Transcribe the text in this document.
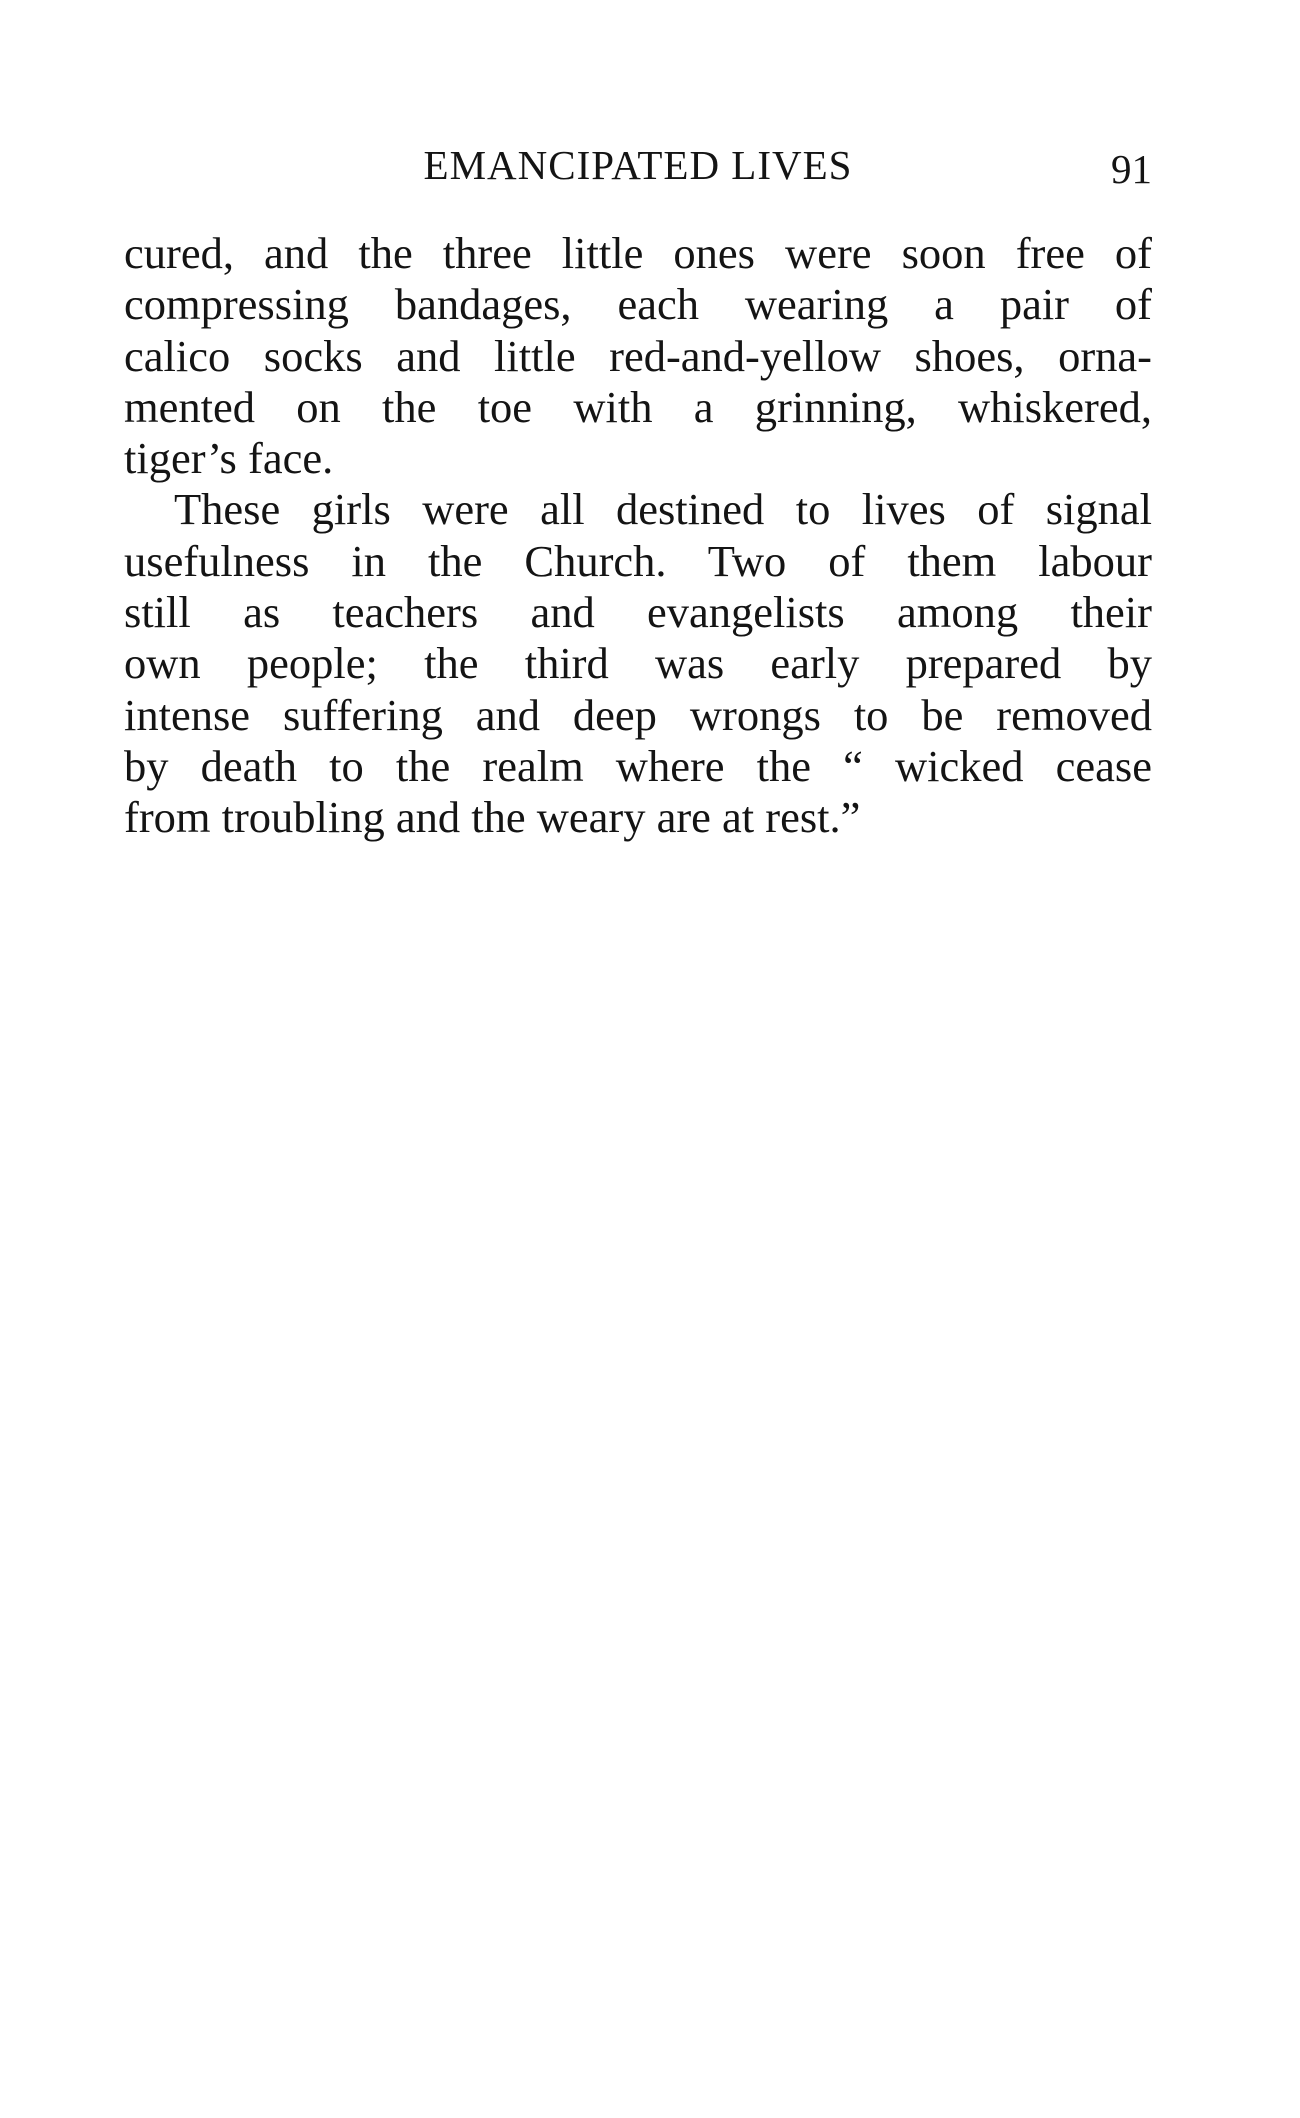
EMANCIPATED LIVES	91
cured, and the three little ones were soon free of
compressing bandages, each wearing a pair of
calico socks and little red-and-yellow shoes, orna-
mented on the toe with a grinning, whiskered,
tiger’s face.
These girls were all destined to lives of signal
usefulness in the Church. Two of them labour
still as teachers and evangelists among their
own people; the third was early prepared by
intense suffering and deep wrongs to be removed
by death to the realm where the “ wicked cease
from troubling and the weary are at rest.”
